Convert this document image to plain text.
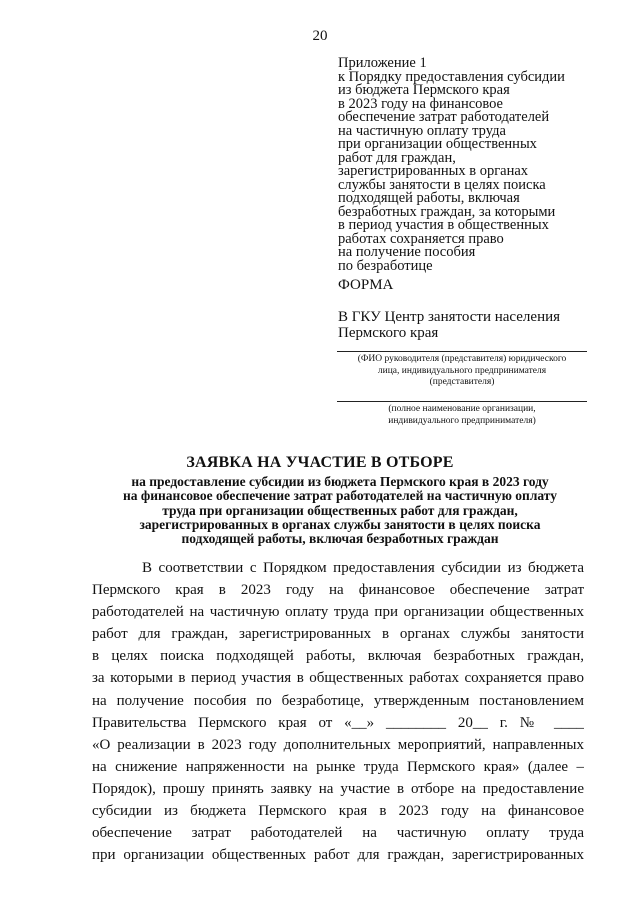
20
Приложение 1
к Порядку предоставления субсидии
из бюджета Пермского края
в 2023 году на финансовое
обеспечение затрат работодателей
на частичную оплату труда
при организации общественных
работ для граждан,
зарегистрированных в органах
службы занятости в целях поиска
подходящей работы, включая
безработных граждан, за которыми
в период участия в общественных
работах сохраняется право
на получение пособия
по безработице
ФОРМА
В ГКУ Центр занятости населения
Пермского края
(ФИО руководителя (представителя) юридического
лица, индивидуального предпринимателя
(представителя)
(полное наименование организации,
индивидуального предпринимателя)
ЗАЯВКА НА УЧАСТИЕ В ОТБОРЕ
на предоставление субсидии из бюджета Пермского края в 2023 году
на финансовое обеспечение затрат работодателей на частичную оплату
труда при организации общественных работ для граждан,
зарегистрированных в органах службы занятости в целях поиска
подходящей работы, включая безработных граждан
В соответствии с Порядком предоставления субсидии из бюджета
Пермского края в 2023 году на финансовое обеспечение затрат
работодателей на частичную оплату труда при организации общественных
работ для граждан, зарегистрированных в органах службы занятости
в целях поиска подходящей работы, включая безработных граждан,
за которыми в период участия в общественных работах сохраняется право
на получение пособия по безработице, утвержденным постановлением
Правительства Пермского края от «__» ________ 20__ г. № ____
«О реализации в 2023 году дополнительных мероприятий, направленных
на снижение напряженности на рынке труда Пермского края» (далее –
Порядок), прошу принять заявку на участие в отборе на предоставление
субсидии из бюджета Пермского края в 2023 году на финансовое
обеспечение затрат работодателей на частичную оплату труда
при организации общественных работ для граждан, зарегистрированных
